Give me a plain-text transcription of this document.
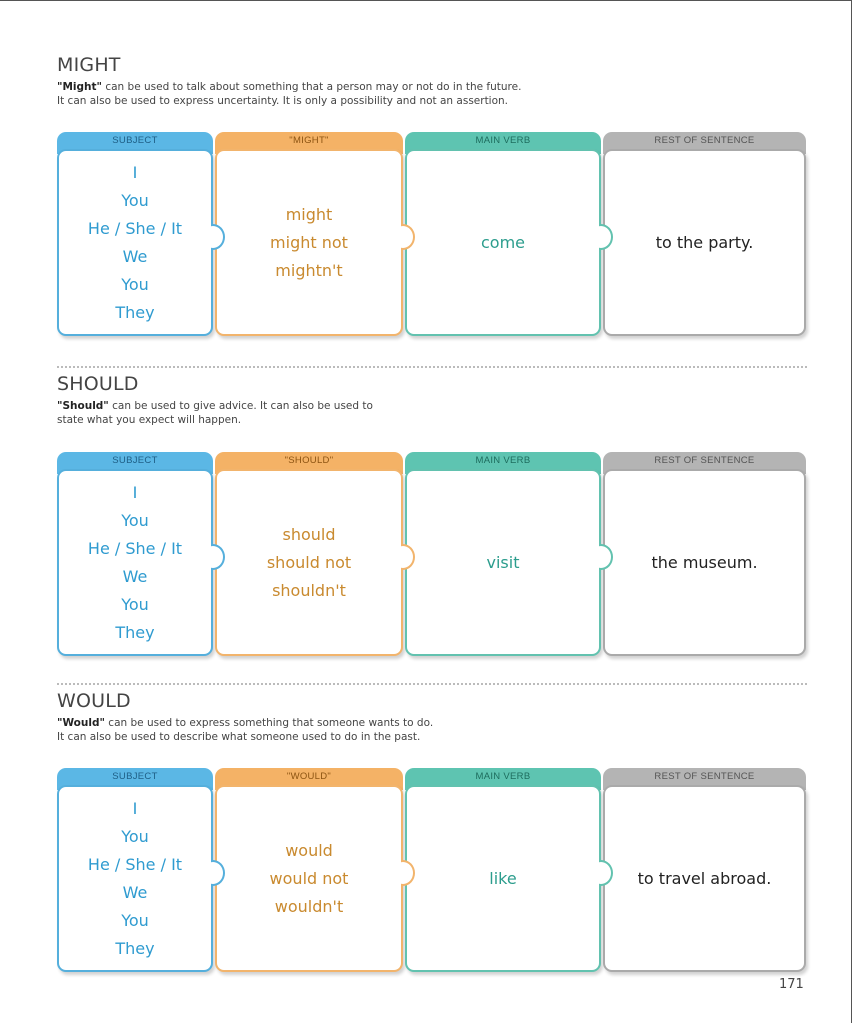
MIGHT
"Might" can be used to talk about something that a person may or not do in the future.
It can also be used to express uncertainty. It is only a possibility and not an assertion.
SUBJECT
I
You
He / She / It
We
You
They
"MIGHT"
might
might not
mightn't
MAIN VERB
come
REST OF SENTENCE
to the party.
SHOULD
"Should" can be used to give advice. It can also be used to
state what you expect will happen.
SUBJECT
I
You
He / She / It
We
You
They
"SHOULD"
should
should not
shouldn't
MAIN VERB
visit
REST OF SENTENCE
the museum.
WOULD
"Would" can be used to express something that someone wants to do.
It can also be used to describe what someone used to do in the past.
SUBJECT
I
You
He / She / It
We
You
They
"WOULD"
would
would not
wouldn't
MAIN VERB
like
REST OF SENTENCE
to travel abroad.
171
